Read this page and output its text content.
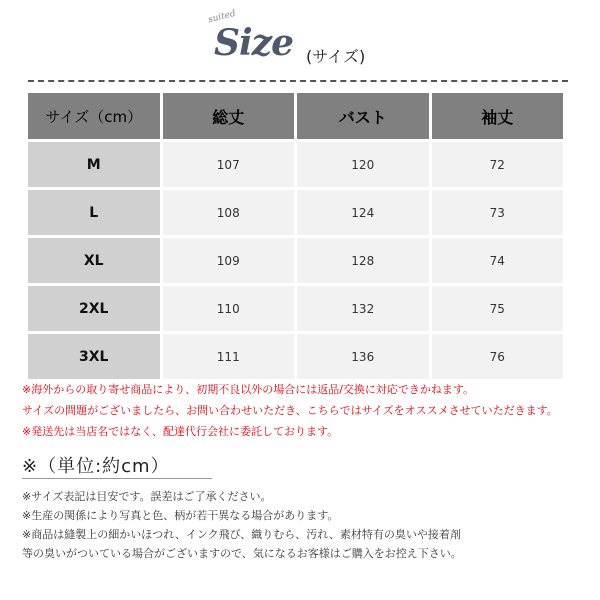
suited
Size (サイズ)
サイズ（cm）	総丈	バスト	袖丈
M	107	120	72
L	108	124	73
XL	109	128	74
2XL	110	132	75
3XL	111	136	76

※海外からの取り寄せ商品により、初期不良以外の場合には返品/交換に対応できかねます。

サイズの問題がございましたら、お問い合わせいただき、こちらではサイズをオススメさせていただきます。

※発送先は当店名ではなく、配達代行会社に委託しております。

※（単位:約cm）

※サイズ表記は目安です。誤差はご了承ください。

※生産の関係により写真と色、柄が若干異なる場合があります。

※商品は縫製上の細かいほつれ、インク飛び、織りむら、汚れ、素材特有の臭いや接着剤

等の臭いがついている場合がございますので、気になるお客様はご購入をお控え下さい。
